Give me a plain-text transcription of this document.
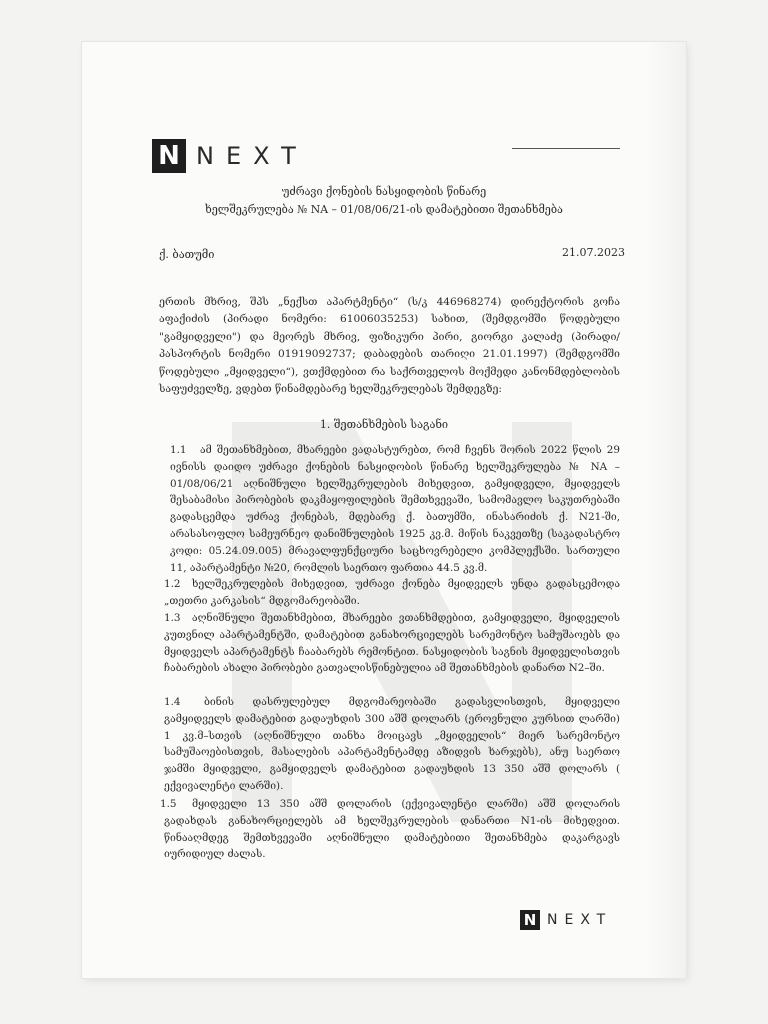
N NEXT
უძრავი ქონების ნასყიდობის წინარე
ხელშეკრულება № NA – 01/08/06/21-ის დამატებითი შეთანხმება
ქ. ბათუმი	21.07.2023
ერთის მხრივ, შპს „ნექსთ აპარტმენტი“ (ს/კ 446968274) დირექტორის გოჩა აფაქიძის (პირადი ნომერი: 61006035253) სახით, (შემდგომში წოდებული "გამყიდველი") და მეორეს მხრივ, ფიზიკური პირი, გიორგი კალაძე (პირადი/პასპორტის ნომერი 01919092737; დაბადების თარიღი 21.01.1997) (შემდგომში წოდებული „მყიდველი“), ვთქმდებით რა საქრთველოს მოქმედი კანონმდებლობის საფუძველზე, ვდებთ წინამდებარე ხელშეკრულებას შემდეგზე:
1. შეთანხმების საგანი
1.1	ამ შეთანხმებით, მხარეები ვადასტურებთ, რომ ჩვენს შორის 2022 წლის 29 ივნისს დაიდო უძრავი ქონების ნასყიდობის წინარე ხელშეკრულება № NA – 01/08/06/21 აღნიშნული ხელშეკრულების მიხედვით, გამყიდველი, მყიდველს შესაბამისი პირობების დაკმაყოფილების შემთხვევაში, სამომავლო საკუთრებაში გადასცემდა უძრავ ქონებას, მდებარე ქ. ბათუმში, ინასარიძის ქ. N21-ში, არასასოფლო სამეურნეო დანიშნულების 1925 კვ.მ. მიწის ნაკვეთზე (საკადასტრო კოდი: 05.24.09.005) მრავალფუნქციური საცხოვრებელი კომპლექსში. სართული 11, აპარტამენტი №20, რომლის საერთო ფართია 44.5 კვ.მ.
1.2	ხელშეკრულების მიხედვით, უძრავი ქონება მყიდველს უნდა გადასცემოდა „თეთრი კარკასის“ მდგომარეობაში.
1.3	აღნიშნული შეთანხმებით, მხარეები ვთანხმდებით, გამყიდველი, მყიდველის კუთვნილ აპარტამენტში, დამატებით განახორციელებს სარემონტო სამუშაოებს და მყიდველს აპარტამენტს ჩააბარებს რემონტით. ნასყიდობის საგნის მყიდველისთვის ჩაბარების ახალი პირობები გათვალისწინებულია ამ შეთანხმების დანართ N2–ში.
1.4	ბინის დასრულებულ მდგომარეობაში გადასვლისთვის, მყიდველი გამყიდველს დამატებით გადაუხდის 300 აშშ დოლარს (ეროვნული კურსით ლარში) 1 კვ.მ–სთვის (აღნიშნული თანხა მოიცავს „მყიდველის“ მიერ სარემონტო სამუშაოებისთვის, მასალების აპარტამენტამდე აზიდვის ხარჯებს), ანუ საერთო ჯამში მყიდველი, გამყიდველს დამატებით გადაუხდის 13 350 აშშ დოლარს ( ექვივალენტი ლარში).
1.5	მყიდველი 13 350 აშშ დოლარის (ექვივალენტი ლარში) აშშ დოლარის გადახდას განახორციელებს ამ ხელშეკრულების დანართი N1-ის მიხედვით. წინააღმდეგ შემთხვევაში აღნიშნული დამატებითი შეთანხმება დაკარგავს იურიდიულ ძალას.
N NEXT
